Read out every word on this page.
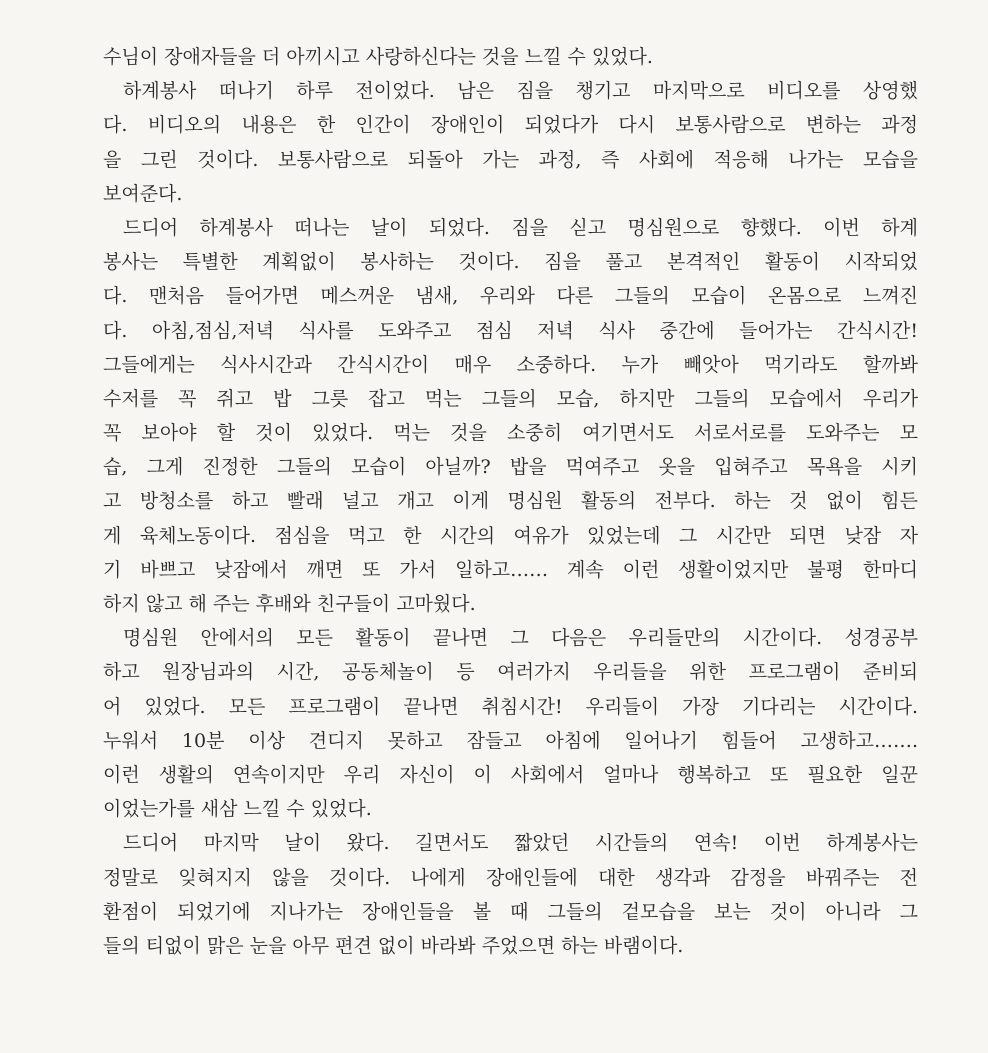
수님이 장애자들을 더 아끼시고 사랑하신다는 것을 느낄 수 있었다.
하계봉사 떠나기 하루 전이었다. 남은 짐을 챙기고 마지막으로 비디오를 상영했
다. 비디오의 내용은 한 인간이 장애인이 되었다가 다시 보통사람으로 변하는 과정
을 그린 것이다. 보통사람으로 되돌아 가는 과정, 즉 사회에 적응해 나가는 모습을
보여준다.
드디어 하계봉사 떠나는 날이 되었다. 짐을 싣고 명심원으로 향했다. 이번 하계
봉사는 특별한 계획없이 봉사하는 것이다. 짐을 풀고 본격적인 활동이 시작되었
다. 맨처음 들어가면 메스꺼운 냄새, 우리와 다른 그들의 모습이 온몸으로 느껴진
다. 아침,점심,저녁 식사를 도와주고 점심 저녁 식사 중간에 들어가는 간식시간!
그들에게는 식사시간과 간식시간이 매우 소중하다. 누가 빼앗아 먹기라도 할까봐
수저를 꼭 쥐고 밥 그릇 잡고 먹는 그들의 모습, 하지만 그들의 모습에서 우리가
꼭 보아야 할 것이 있었다. 먹는 것을 소중히 여기면서도 서로서로를 도와주는 모
습, 그게 진정한 그들의 모습이 아닐까? 밥을 먹여주고 옷을 입혀주고 목욕을 시키
고 방청소를 하고 빨래 널고 개고 이게 명심원 활동의 전부다. 하는 것 없이 힘든
게 육체노동이다. 점심을 먹고 한 시간의 여유가 있었는데 그 시간만 되면 낮잠 자
기 바쁘고 낮잠에서 깨면 또 가서 일하고…… 계속 이런 생활이었지만 불평 한마디
하지 않고 해 주는 후배와 친구들이 고마웠다.
명심원 안에서의 모든 활동이 끝나면 그 다음은 우리들만의 시간이다. 성경공부
하고 원장님과의 시간, 공동체놀이 등 여러가지 우리들을 위한 프로그램이 준비되
어 있었다. 모든 프로그램이 끝나면 취침시간! 우리들이 가장 기다리는 시간이다.
누워서 10분 이상 견디지 못하고 잠들고 아침에 일어나기 힘들어 고생하고…….
이런 생활의 연속이지만 우리 자신이 이 사회에서 얼마나 행복하고 또 필요한 일꾼
이었는가를 새삼 느낄 수 있었다.
드디어 마지막 날이 왔다. 길면서도 짧았던 시간들의 연속! 이번 하계봉사는
정말로 잊혀지지 않을 것이다. 나에게 장애인들에 대한 생각과 감정을 바꿔주는 전
환점이 되었기에 지나가는 장애인들을 볼 때 그들의 겉모습을 보는 것이 아니라 그
들의 티없이 맑은 눈을 아무 편견 없이 바라봐 주었으면 하는 바램이다.
